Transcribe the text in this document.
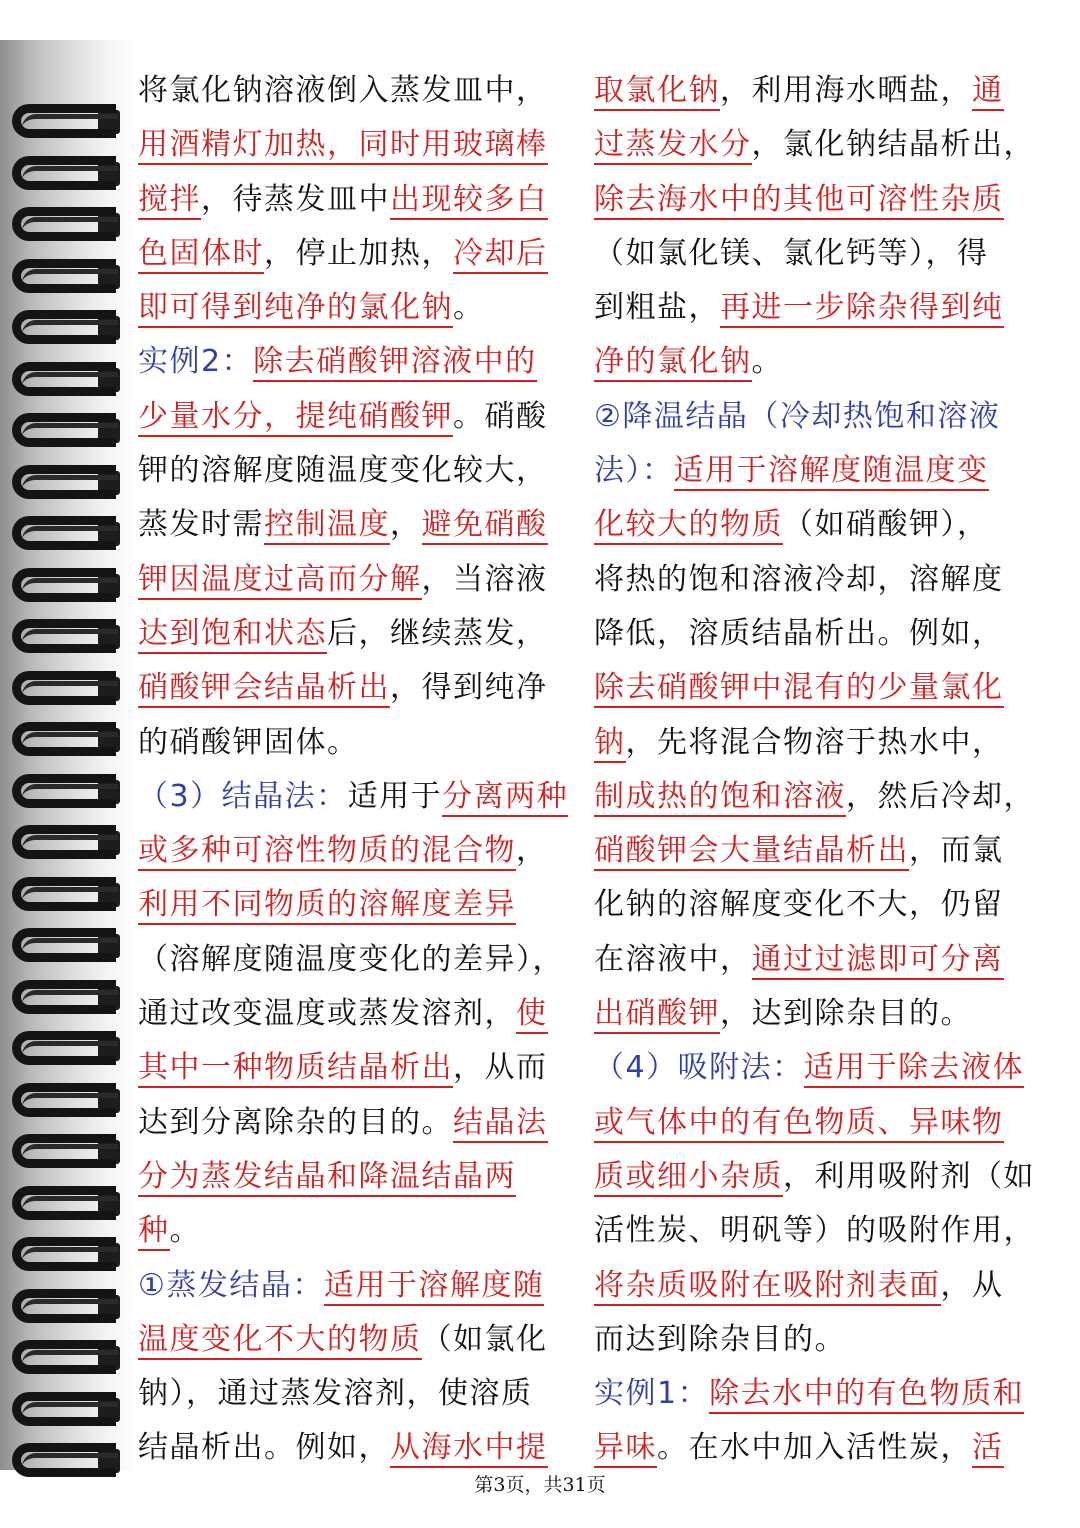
将氯化钠溶液倒入蒸发皿中，
用酒精灯加热，同时用玻璃棒
搅拌，待蒸发皿中出现较多白
色固体时，停止加热，冷却后
即可得到纯净的氯化钠。
实例2：除去硝酸钾溶液中的
少量水分，提纯硝酸钾。硝酸
钾的溶解度随温度变化较大，
蒸发时需控制温度，避免硝酸
钾因温度过高而分解，当溶液
达到饱和状态后，继续蒸发，
硝酸钾会结晶析出，得到纯净
的硝酸钾固体。
（3）结晶法：适用于分离两种
或多种可溶性物质的混合物，
利用不同物质的溶解度差异
（溶解度随温度变化的差异），
通过改变温度或蒸发溶剂，使
其中一种物质结晶析出，从而
达到分离除杂的目的。结晶法
分为蒸发结晶和降温结晶两
种。
①蒸发结晶：适用于溶解度随
温度变化不大的物质（如氯化
钠），通过蒸发溶剂，使溶质
结晶析出。例如，从海水中提
取氯化钠，利用海水晒盐，通
过蒸发水分，氯化钠结晶析出，
除去海水中的其他可溶性杂质
（如氯化镁、氯化钙等），得
到粗盐，再进一步除杂得到纯
净的氯化钠。
②降温结晶（冷却热饱和溶液
法）：适用于溶解度随温度变
化较大的物质（如硝酸钾），
将热的饱和溶液冷却，溶解度
降低，溶质结晶析出。例如，
除去硝酸钾中混有的少量氯化
钠，先将混合物溶于热水中，
制成热的饱和溶液，然后冷却，
硝酸钾会大量结晶析出，而氯
化钠的溶解度变化不大，仍留
在溶液中，通过过滤即可分离
出硝酸钾，达到除杂目的。
（4）吸附法：适用于除去液体
或气体中的有色物质、异味物
质或细小杂质，利用吸附剂（如
活性炭、明矾等）的吸附作用，
将杂质吸附在吸附剂表面，从
而达到除杂目的。
实例1：除去水中的有色物质和
异味。在水中加入活性炭，活
第3页，共31页
